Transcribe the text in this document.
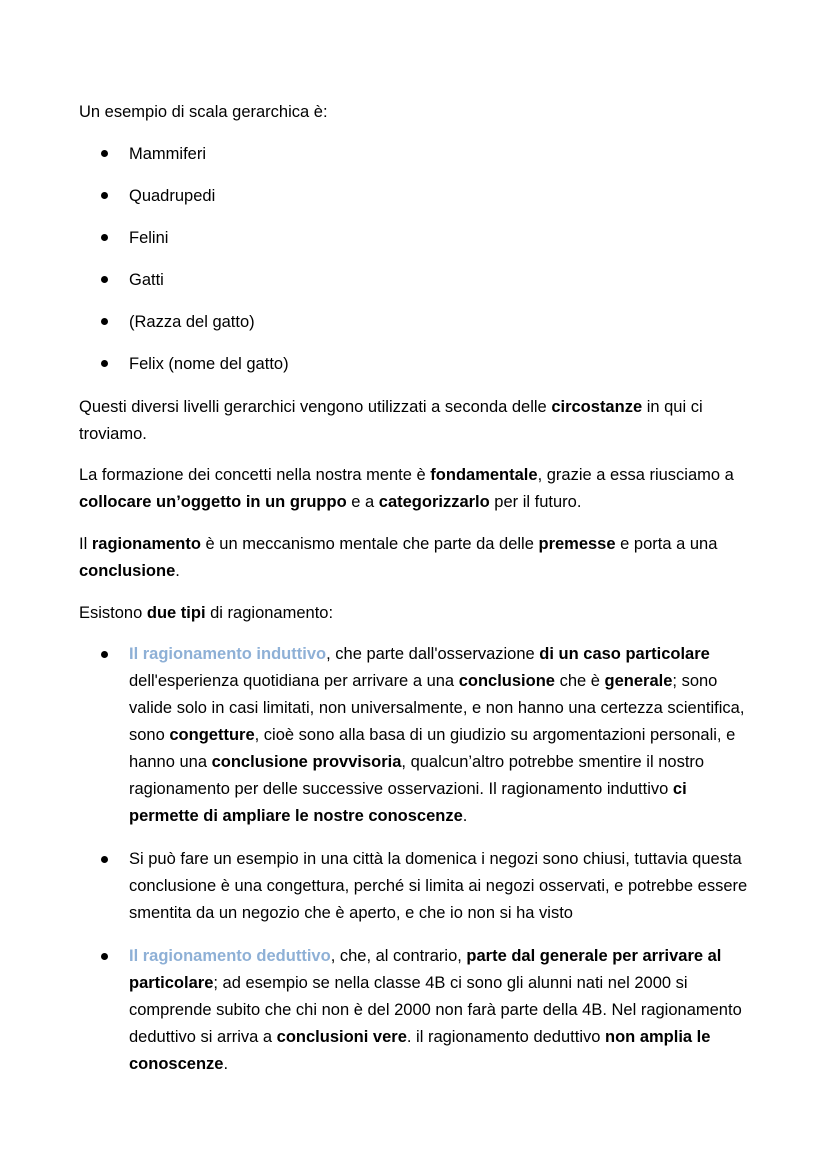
Un esempio di scala gerarchica è:

Mammiferi
Quadrupedi
Felini
Gatti
(Razza del gatto)
Felix (nome del gatto)

Questi diversi livelli gerarchici vengono utilizzati a seconda delle circostanze in qui ci troviamo.

La formazione dei concetti nella nostra mente è fondamentale, grazie a essa riusciamo a collocare un’oggetto in un gruppo e a categorizzarlo per il futuro.

Il ragionamento è un meccanismo mentale che parte da delle premesse e porta a una conclusione.

Esistono due tipi di ragionamento:

Il ragionamento induttivo, che parte dall'osservazione di un caso particolare dell'esperienza quotidiana per arrivare a una conclusione che è generale; sono valide solo in casi limitati, non universalmente, e non hanno una certezza scientifica, sono congetture, cioè sono alla basa di un giudizio su argomentazioni personali, e hanno una conclusione provvisoria, qualcun’altro potrebbe smentire il nostro ragionamento per delle successive osservazioni. Il ragionamento induttivo ci permette di ampliare le nostre conoscenze.
Si può fare un esempio in una città la domenica i negozi sono chiusi, tuttavia questa conclusione è una congettura, perché si limita ai negozi osservati, e potrebbe essere smentita da un negozio che è aperto, e che io non si ha visto
Il ragionamento deduttivo, che, al contrario, parte dal generale per arrivare al particolare; ad esempio se nella classe 4B ci sono gli alunni nati nel 2000 si comprende subito che chi non è del 2000 non farà parte della 4B. Nel ragionamento deduttivo si arriva a conclusioni vere. il ragionamento deduttivo non amplia le conoscenze.
